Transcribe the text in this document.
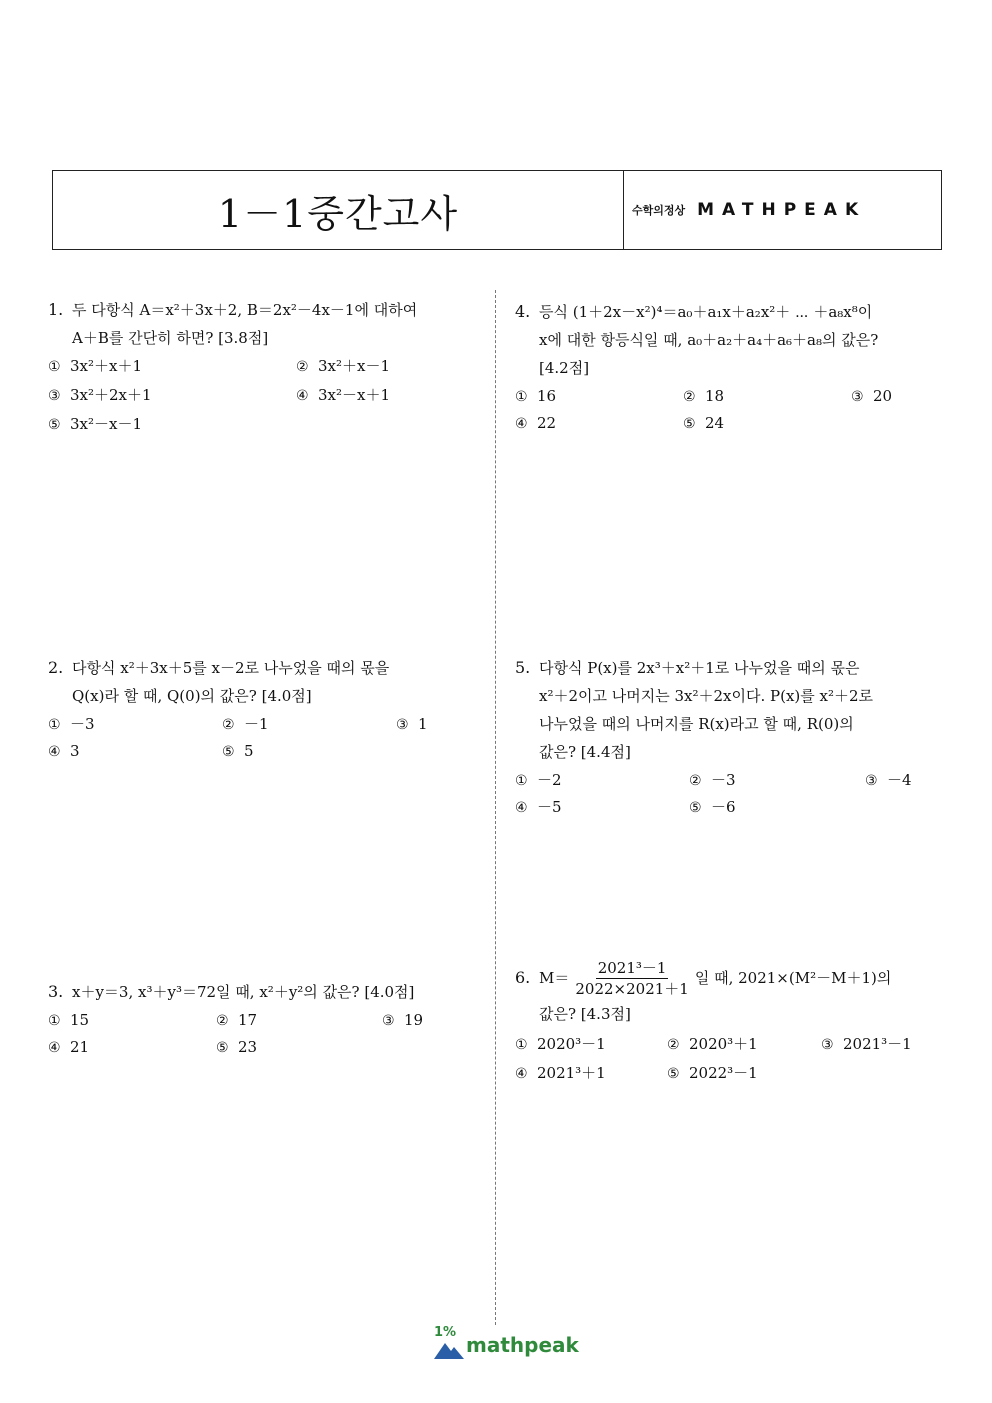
1－1중간고사	수학의정상 MATHPEAK
1. 두 다항식 A＝x²＋3x＋2, B＝2x²－4x－1에 대하여
A＋B를 간단히 하면? [3.8점]
① 3x²＋x＋1	② 3x²＋x－1
③ 3x²＋2x＋1	④ 3x²－x＋1
⑤ 3x²－x－1
2. 다항식 x²＋3x＋5를 x－2로 나누었을 때의 몫을
Q(x)라 할 때, Q(0)의 값은? [4.0점]
① －3	② －1	③ 1
④ 3	⑤ 5
3. x＋y＝3, x³＋y³＝72일 때, x²＋y²의 값은? [4.0점]
① 15	② 17	③ 19
④ 21	⑤ 23
4. 등식 (1＋2x－x²)⁴＝a₀＋a₁x＋a₂x²＋ ⋯ ＋a₈x⁸이
x에 대한 항등식일 때, a₀＋a₂＋a₄＋a₆＋a₈의 값은?
[4.2점]
① 16	② 18	③ 20
④ 22	⑤ 24
5. 다항식 P(x)를 2x³＋x²＋1로 나누었을 때의 몫은
x²＋2이고 나머지는 3x²＋2x이다. P(x)를 x²＋2로
나누었을 때의 나머지를 R(x)라고 할 때, R(0)의
값은? [4.4점]
① －2	② －3	③ －4
④ －5	⑤ －6
6. $M= \frac{\text{2021³－1}}{2022\times 2021+1}$ 일 때, 2021×(M²－M＋1)의
값은? [4.3점]
① 2020³－1	② 2020³＋1	③ 2021³－1
④ 2021³＋1	⑤ 2022³－1
1%
mathpeak
